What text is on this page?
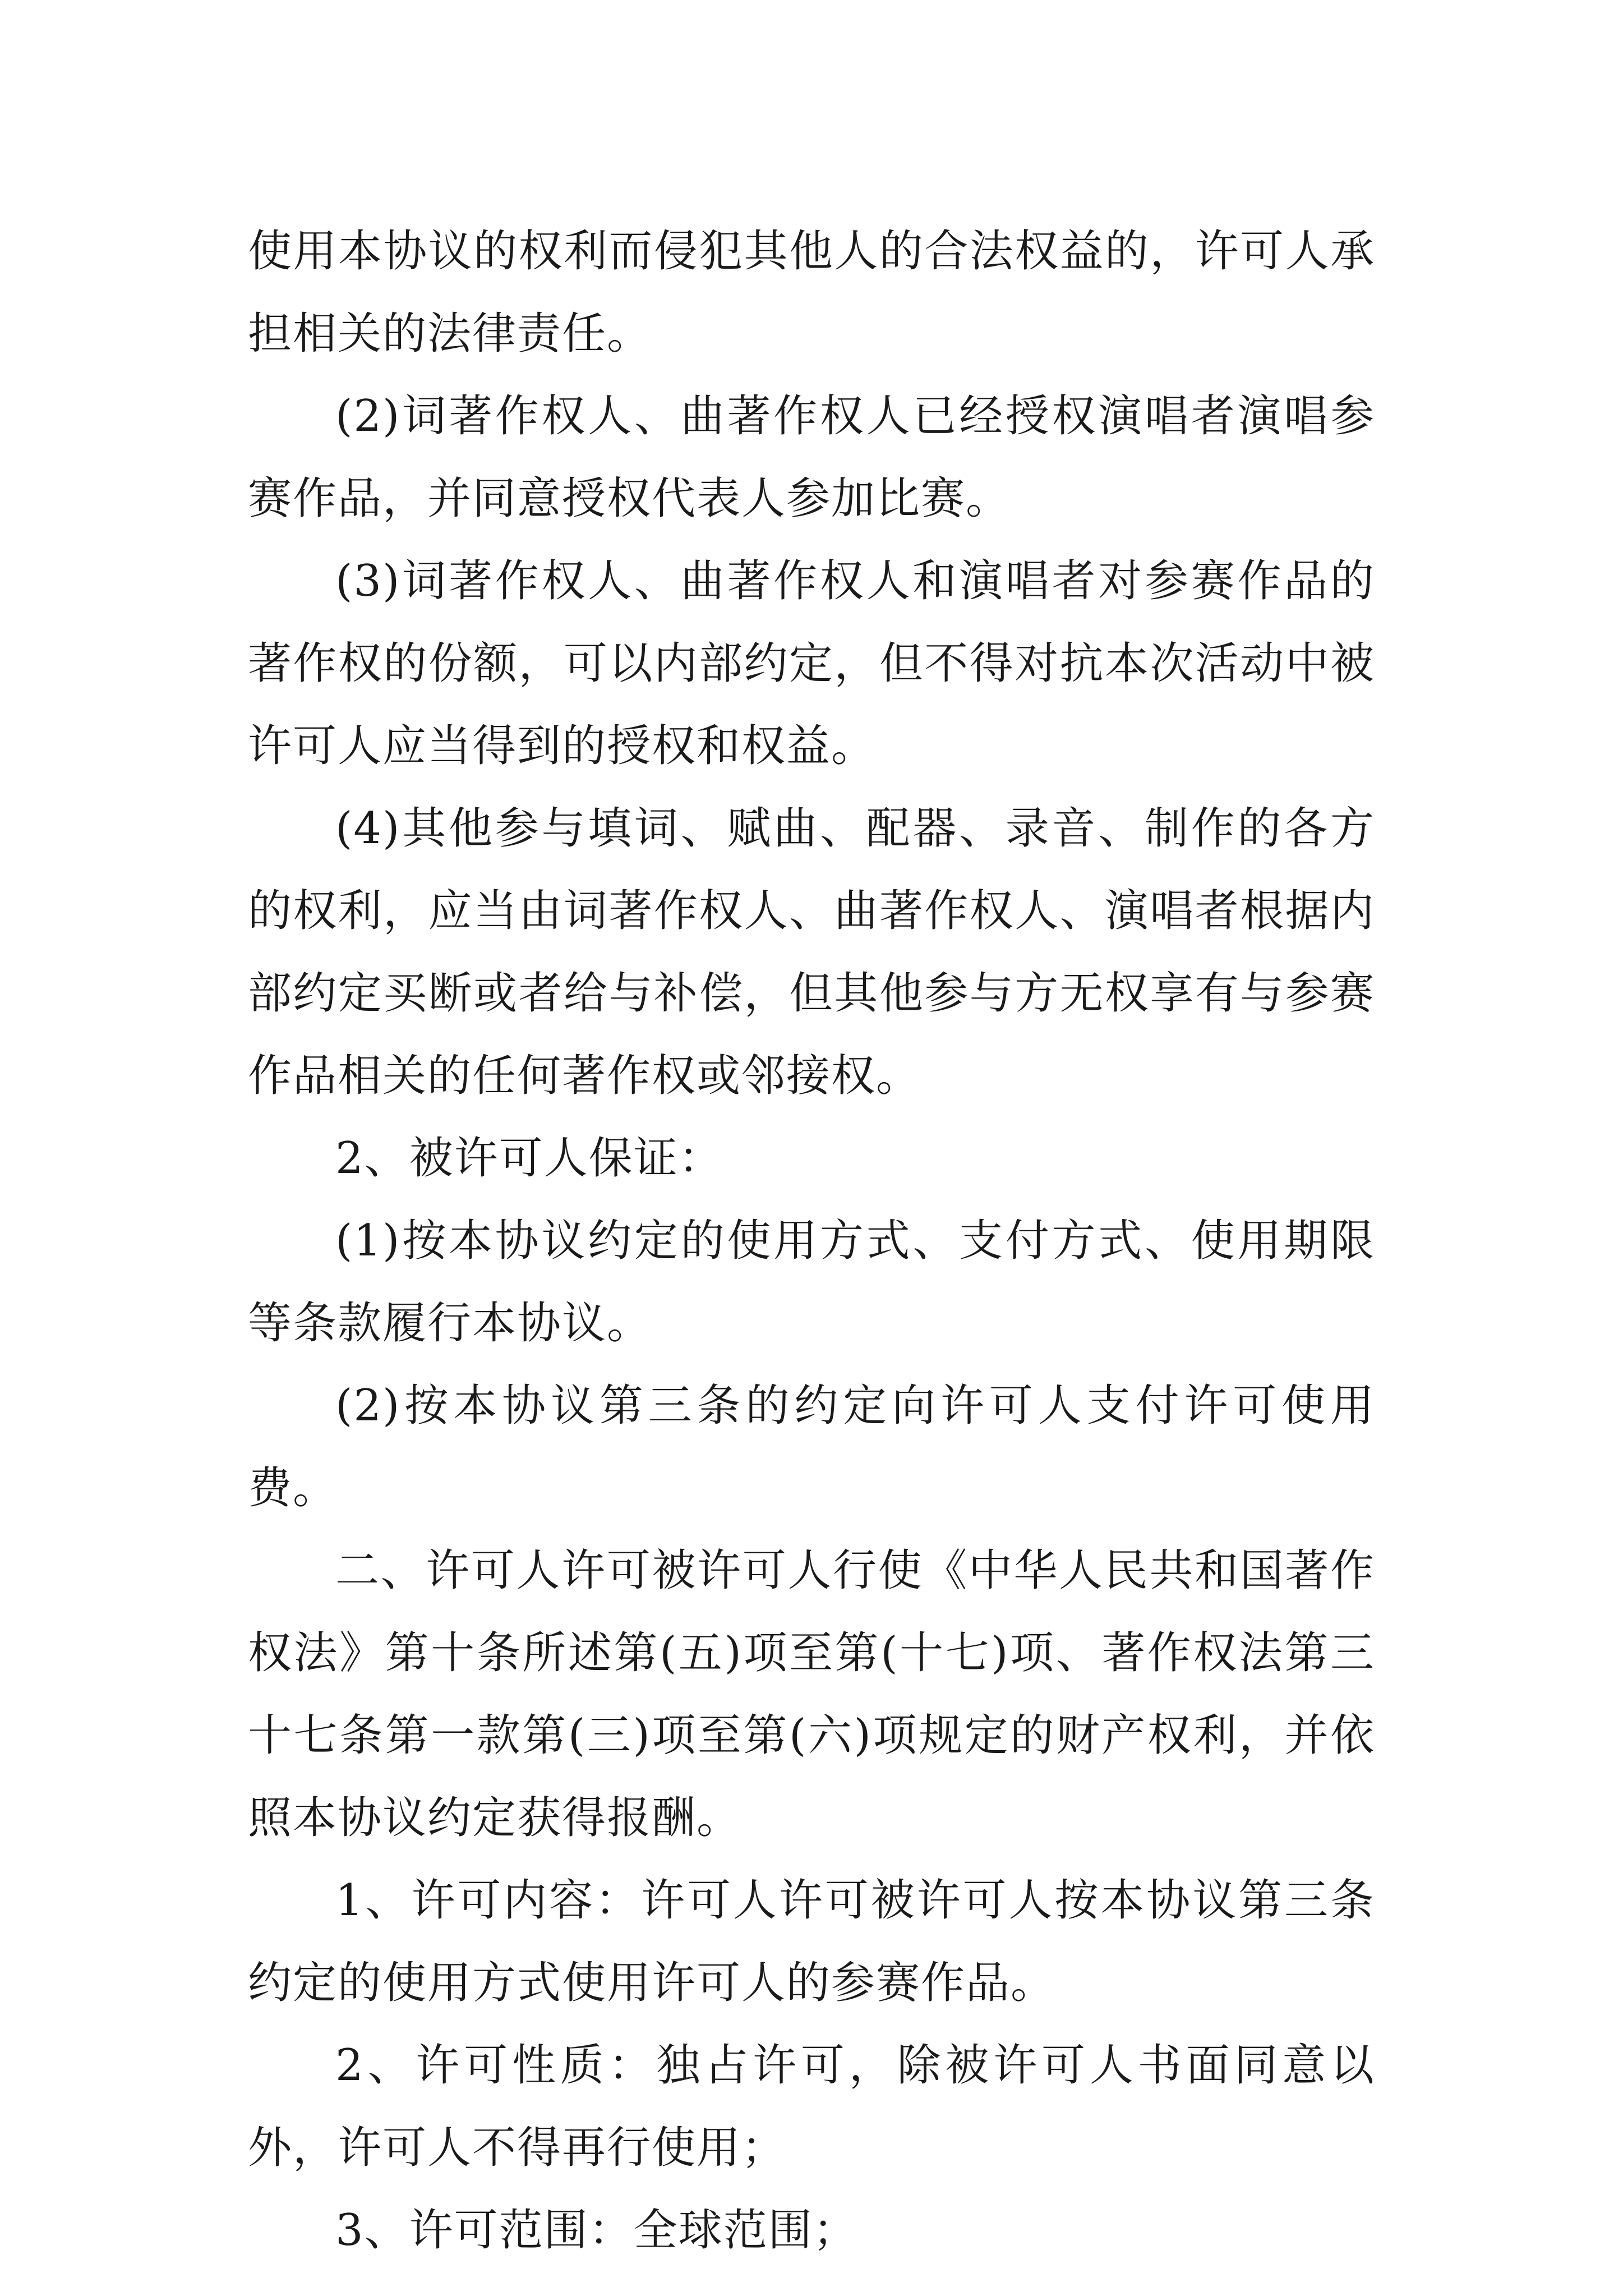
使用本协议的权利而侵犯其他人的合法权益的，许可人承担相关的法律责任。

(2)词著作权人、曲著作权人已经授权演唱者演唱参赛作品，并同意授权代表人参加比赛。

(3)词著作权人、曲著作权人和演唱者对参赛作品的著作权的份额，可以内部约定，但不得对抗本次活动中被许可人应当得到的授权和权益。

(4)其他参与填词、赋曲、配器、录音、制作的各方的权利，应当由词著作权人、曲著作权人、演唱者根据内部约定买断或者给与补偿，但其他参与方无权享有与参赛作品相关的任何著作权或邻接权。

2、被许可人保证：

(1)按本协议约定的使用方式、支付方式、使用期限等条款履行本协议。

(2)按本协议第三条的约定向许可人支付许可使用费。

二、许可人许可被许可人行使《中华人民共和国著作权法》第十条所述第(五)项至第(十七)项、著作权法第三十七条第一款第(三)项至第(六)项规定的财产权利，并依照本协议约定获得报酬。

1、许可内容：许可人许可被许可人按本协议第三条约定的使用方式使用许可人的参赛作品。

2、许可性质：独占许可，除被许可人书面同意以外，许可人不得再行使用；

3、许可范围：全球范围；
